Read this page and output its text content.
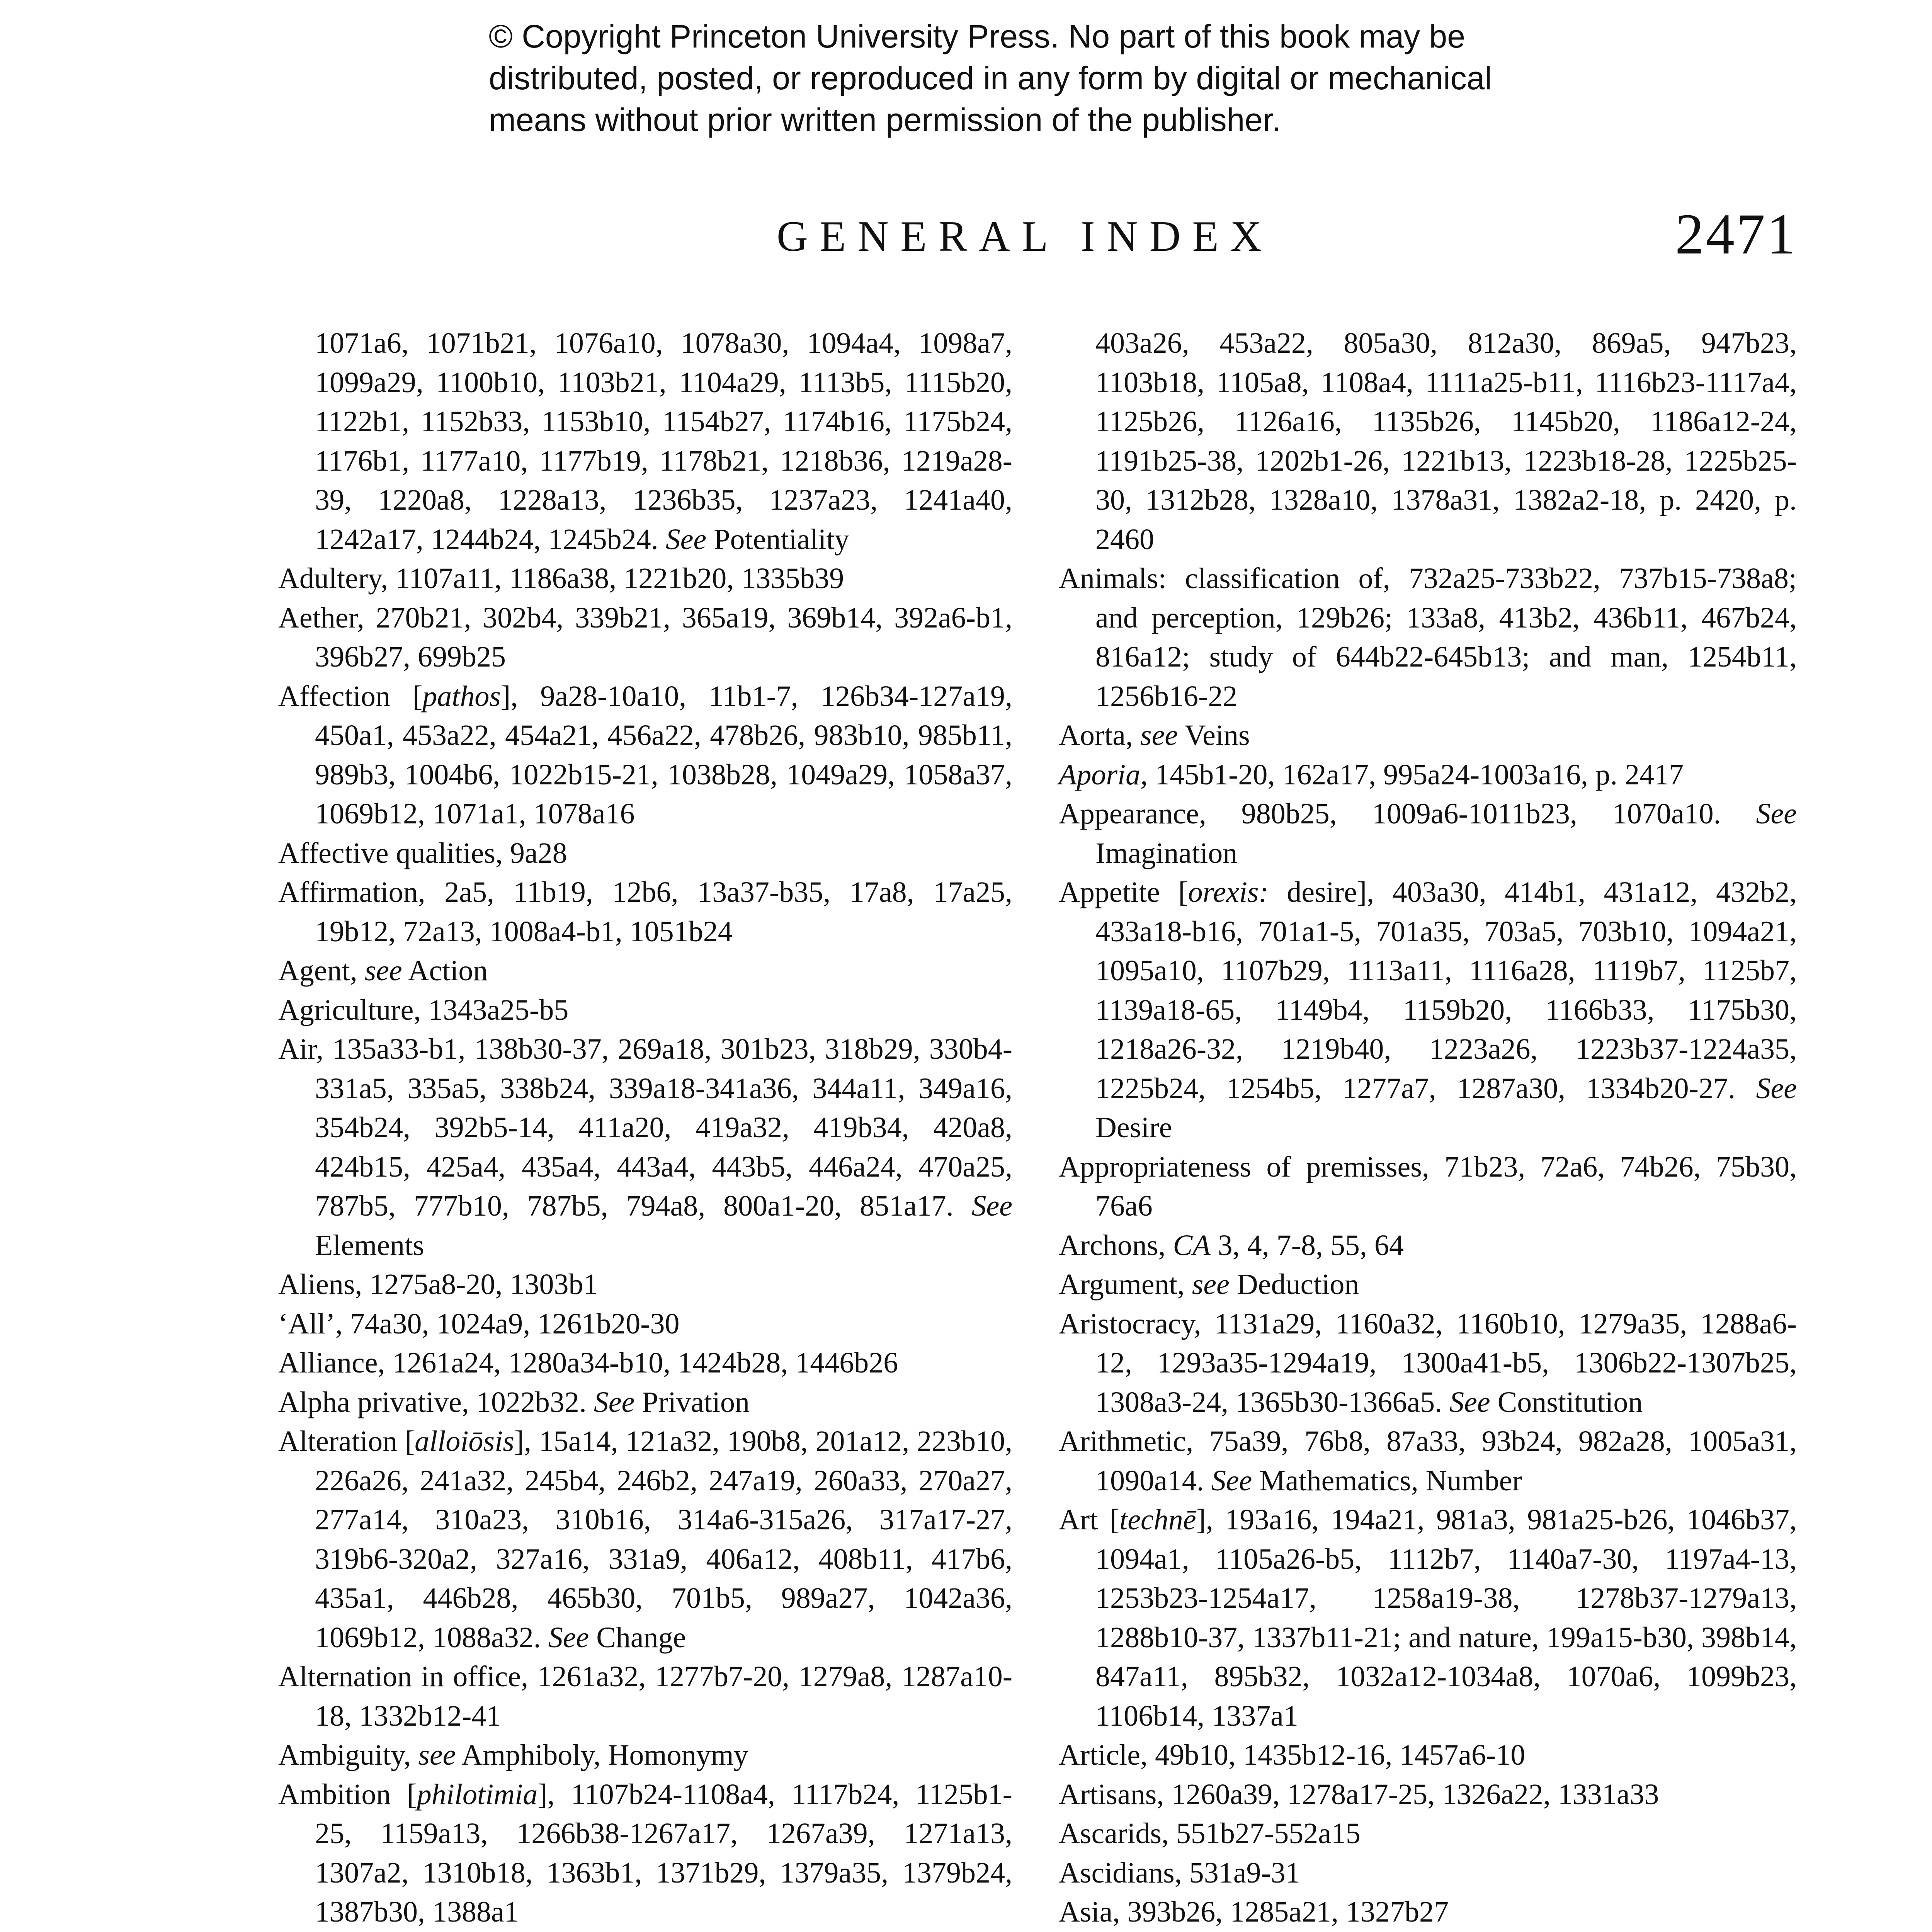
© Copyright Princeton University Press. No part of this book may be
distributed, posted, or reproduced in any form by digital or mechanical
means without prior written permission of the publisher.
GENERAL INDEX	2471
1071a6, 1071b21, 1076a10, 1078a30, 1094a4, 1098a7, 1099a29, 1100b10, 1103b21, 1104a29, 1113b5, 1115b20, 1122b1, 1152b33, 1153b10, 1154b27, 1174b16, 1175b24, 1176b1, 1177a10, 1177b19, 1178b21, 1218b36, 1219a28-39, 1220a8, 1228a13, 1236b35, 1237a23, 1241a40, 1242a17, 1244b24, 1245b24. See Potentiality
Adultery, 1107a11, 1186a38, 1221b20, 1335b39
Aether, 270b21, 302b4, 339b21, 365a19, 369b14, 392a6-b1, 396b27, 699b25
Affection [pathos], 9a28-10a10, 11b1-7, 126b34-127a19, 450a1, 453a22, 454a21, 456a22, 478b26, 983b10, 985b11, 989b3, 1004b6, 1022b15-21, 1038b28, 1049a29, 1058a37, 1069b12, 1071a1, 1078a16
Affective qualities, 9a28
Affirmation, 2a5, 11b19, 12b6, 13a37-b35, 17a8, 17a25, 19b12, 72a13, 1008a4-b1, 1051b24
Agent, see Action
Agriculture, 1343a25-b5
Air, 135a33-b1, 138b30-37, 269a18, 301b23, 318b29, 330b4-331a5, 335a5, 338b24, 339a18-341a36, 344a11, 349a16, 354b24, 392b5-14, 411a20, 419a32, 419b34, 420a8, 424b15, 425a4, 435a4, 443a4, 443b5, 446a24, 470a25, 787b5, 777b10, 787b5, 794a8, 800a1-20, 851a17. See Elements
Aliens, 1275a8-20, 1303b1
‘All’, 74a30, 1024a9, 1261b20-30
Alliance, 1261a24, 1280a34-b10, 1424b28, 1446b26
Alpha privative, 1022b32. See Privation
Alteration [alloiōsis], 15a14, 121a32, 190b8, 201a12, 223b10, 226a26, 241a32, 245b4, 246b2, 247a19, 260a33, 270a27, 277a14, 310a23, 310b16, 314a6-315a26, 317a17-27, 319b6-320a2, 327a16, 331a9, 406a12, 408b11, 417b6, 435a1, 446b28, 465b30, 701b5, 989a27, 1042a36, 1069b12, 1088a32. See Change
Alternation in office, 1261a32, 1277b7-20, 1279a8, 1287a10-18, 1332b12-41
Ambiguity, see Amphiboly, Homonymy
Ambition [philotimia], 1107b24-1108a4, 1117b24, 1125b1-25, 1159a13, 1266b38-1267a17, 1267a39, 1271a13, 1307a2, 1310b18, 1363b1, 1371b29, 1379a35, 1379b24, 1387b30, 1388a1
403a26, 453a22, 805a30, 812a30, 869a5, 947b23, 1103b18, 1105a8, 1108a4, 1111a25-b11, 1116b23-1117a4, 1125b26, 1126a16, 1135b26, 1145b20, 1186a12-24, 1191b25-38, 1202b1-26, 1221b13, 1223b18-28, 1225b25-30, 1312b28, 1328a10, 1378a31, 1382a2-18, p. 2420, p. 2460
Animals: classification of, 732a25-733b22, 737b15-738a8; and perception, 129b26; 133a8, 413b2, 436b11, 467b24, 816a12; study of 644b22-645b13; and man, 1254b11, 1256b16-22
Aorta, see Veins
Aporia, 145b1-20, 162a17, 995a24-1003a16, p. 2417
Appearance, 980b25, 1009a6-1011b23, 1070a10. See Imagination
Appetite [orexis: desire], 403a30, 414b1, 431a12, 432b2, 433a18-b16, 701a1-5, 701a35, 703a5, 703b10, 1094a21, 1095a10, 1107b29, 1113a11, 1116a28, 1119b7, 1125b7, 1139a18-65, 1149b4, 1159b20, 1166b33, 1175b30, 1218a26-32, 1219b40, 1223a26, 1223b37-1224a35, 1225b24, 1254b5, 1277a7, 1287a30, 1334b20-27. See Desire
Appropriateness of premisses, 71b23, 72a6, 74b26, 75b30, 76a6
Archons, CA 3, 4, 7-8, 55, 64
Argument, see Deduction
Aristocracy, 1131a29, 1160a32, 1160b10, 1279a35, 1288a6-12, 1293a35-1294a19, 1300a41-b5, 1306b22-1307b25, 1308a3-24, 1365b30-1366a5. See Constitution
Arithmetic, 75a39, 76b8, 87a33, 93b24, 982a28, 1005a31, 1090a14. See Mathematics, Number
Art [technē], 193a16, 194a21, 981a3, 981a25-b26, 1046b37, 1094a1, 1105a26-b5, 1112b7, 1140a7-30, 1197a4-13, 1253b23-1254a17, 1258a19-38, 1278b37-1279a13, 1288b10-37, 1337b11-21; and nature, 199a15-b30, 398b14, 847a11, 895b32, 1032a12-1034a8, 1070a6, 1099b23, 1106b14, 1337a1
Article, 49b10, 1435b12-16, 1457a6-10
Artisans, 1260a39, 1278a17-25, 1326a22, 1331a33
Ascarids, 551b27-552a15
Ascidians, 531a9-31
Asia, 393b26, 1285a21, 1327b27
